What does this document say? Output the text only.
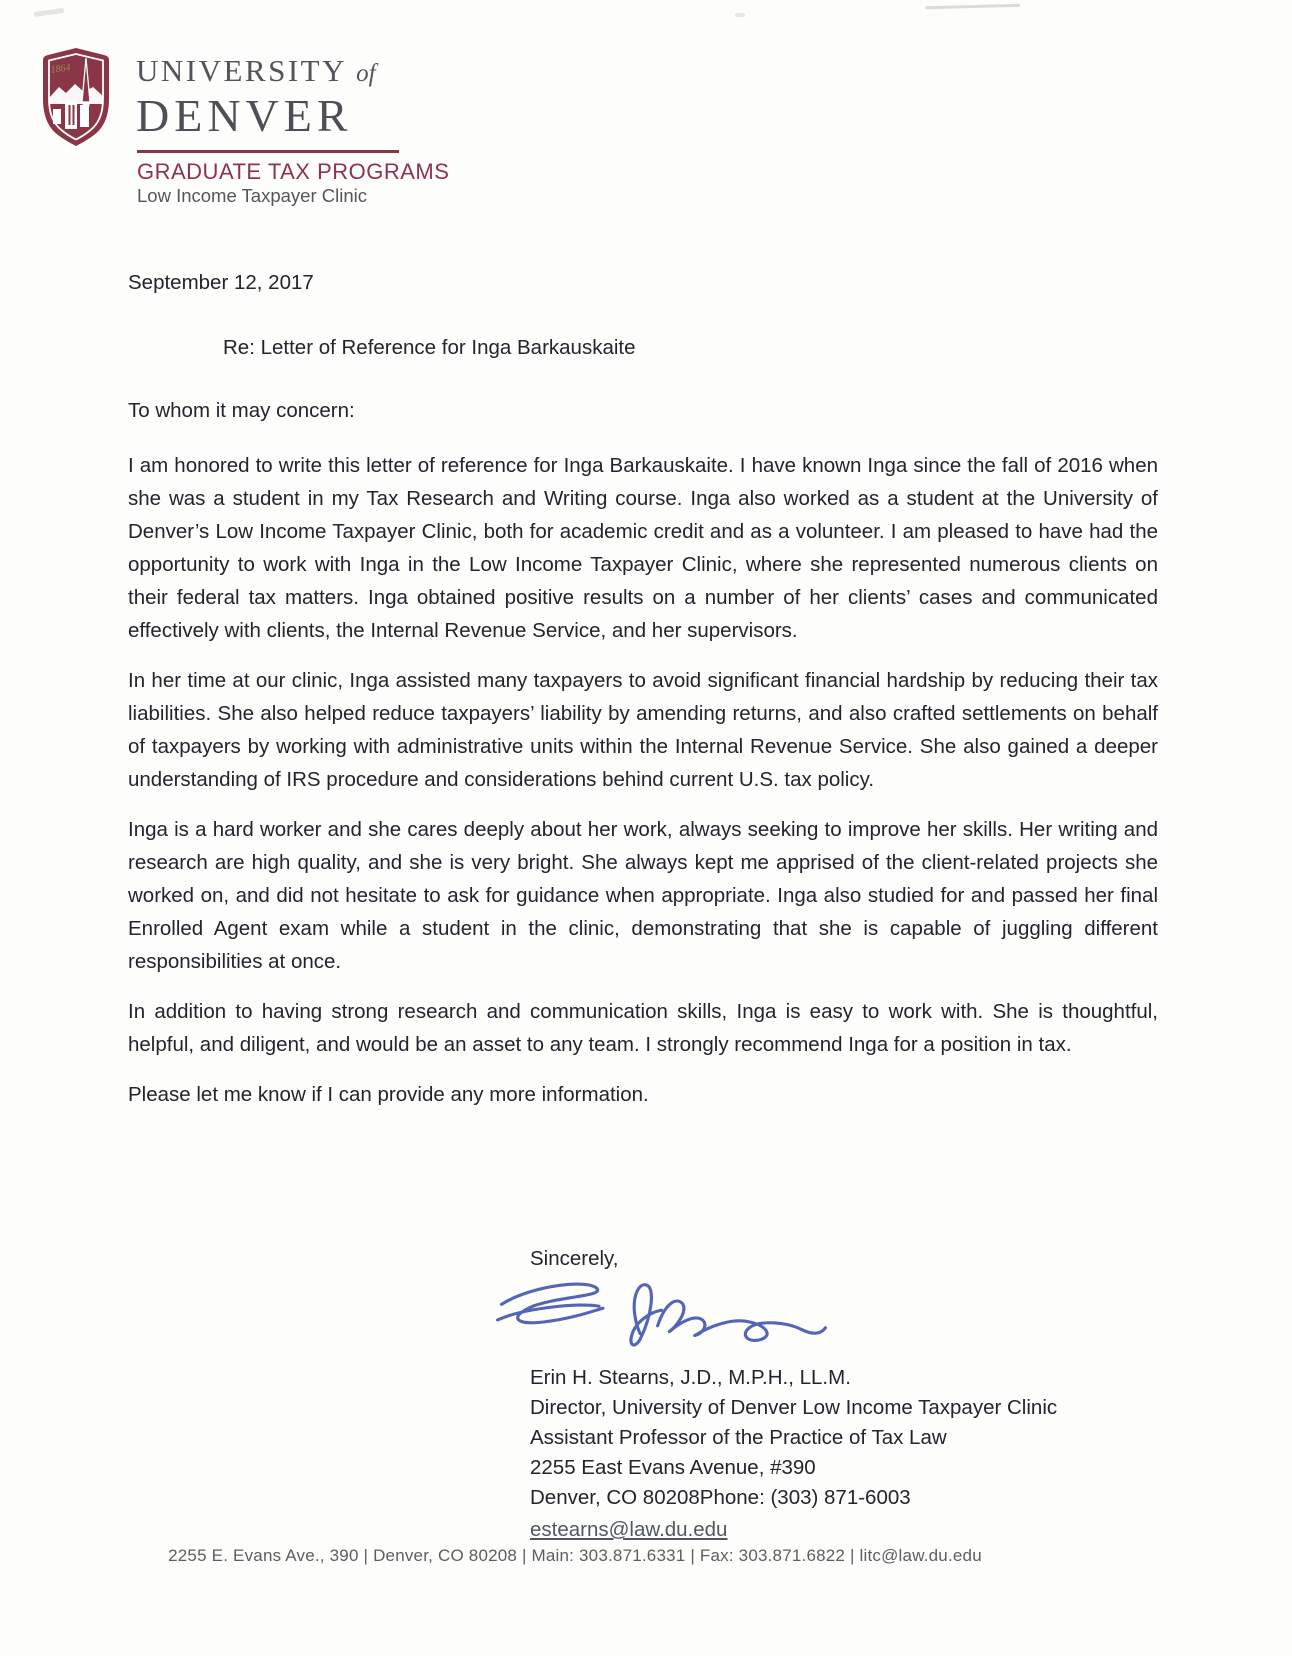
1864 UNIVERSITY of
DENVER
GRADUATE TAX PROGRAMS
Low Income Taxpayer Clinic
September 12, 2017
Re: Letter of Reference for Inga Barkauskaite
To whom it may concern:

I am honored to write this letter of reference for Inga Barkauskaite. I have known Inga since the fall of 2016 when she was a student in my Tax Research and Writing course. Inga also worked as a student at the University of Denver’s Low Income Taxpayer Clinic, both for academic credit and as a volunteer. I am pleased to have had the opportunity to work with Inga in the Low Income Taxpayer Clinic, where she represented numerous clients on their federal tax matters. Inga obtained positive results on a number of her clients’ cases and communicated effectively with clients, the Internal Revenue Service, and her supervisors.

In her time at our clinic, Inga assisted many taxpayers to avoid significant financial hardship by reducing their tax liabilities. She also helped reduce taxpayers’ liability by amending returns, and also crafted settlements on behalf of taxpayers by working with administrative units within the Internal Revenue Service. She also gained a deeper understanding of IRS procedure and considerations behind current U.S. tax policy.

Inga is a hard worker and she cares deeply about her work, always seeking to improve her skills. Her writing and research are high quality, and she is very bright. She always kept me apprised of the client-related projects she worked on, and did not hesitate to ask for guidance when appropriate. Inga also studied for and passed her final Enrolled Agent exam while a student in the clinic, demonstrating that she is capable of juggling different responsibilities at once.

In addition to having strong research and communication skills, Inga is easy to work with. She is thoughtful, helpful, and diligent, and would be an asset to any team. I strongly recommend Inga for a position in tax.

Please let me know if I can provide any more information.

Sincerely,
Erin H. Stearns, J.D., M.P.H., LL.M.
Director, University of Denver Low Income Taxpayer Clinic
Assistant Professor of the Practice of Tax Law
2255 East Evans Avenue, #390
Denver, CO 80208Phone: (303) 871-6003
estearns@law.du.edu
2255 E. Evans Ave., 390 | Denver, CO 80208 | Main: 303.871.6331 | Fax: 303.871.6822 | litc@law.du.edu
